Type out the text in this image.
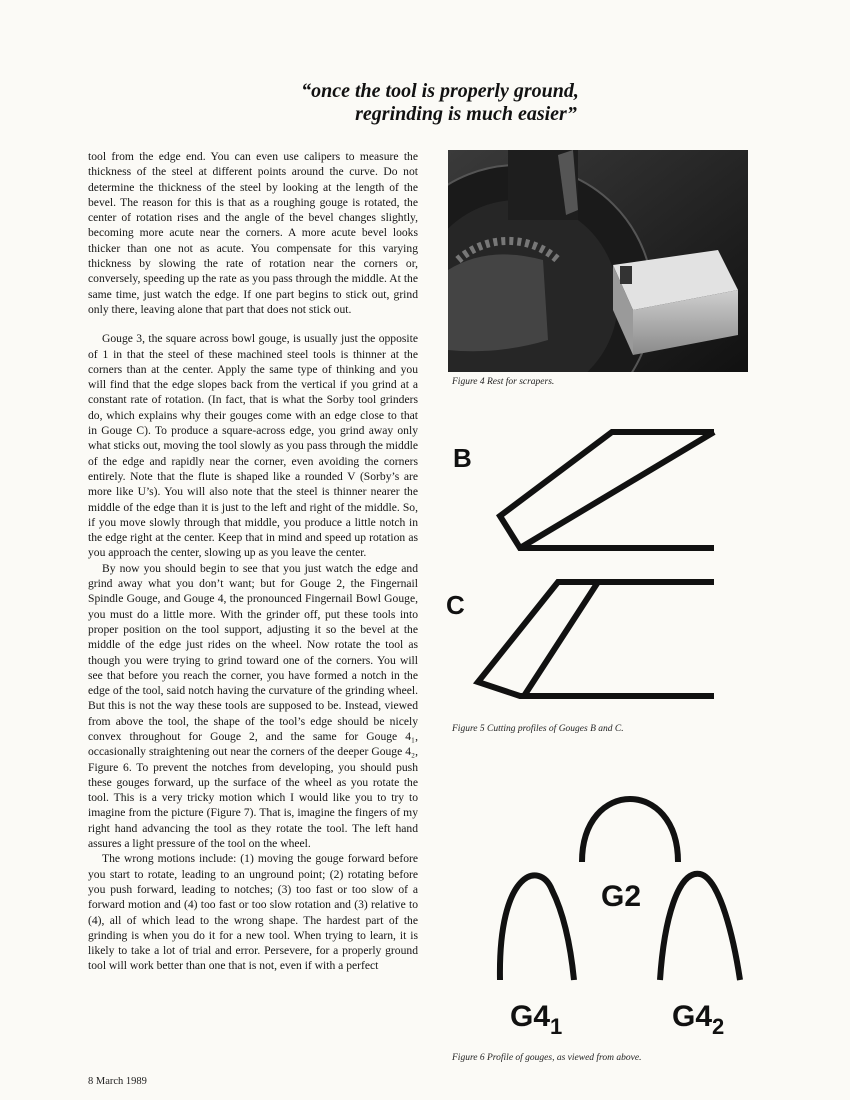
“once the tool is properly ground,
regrinding is much easier”

tool from the edge end. You can even use calipers to measure the thickness of the steel at different points around the curve. Do not determine the thickness of the steel by looking at the length of the bevel. The reason for this is that as a roughing gouge is rotated, the center of rotation rises and the angle of the bevel changes slightly, becoming more acute near the corners. A more acute bevel looks thicker than one not as acute. You compensate for this varying thickness by slowing the rate of rotation near the corners or, conversely, speeding up the rate as you pass through the middle. At the same time, just watch the edge. If one part begins to stick out, grind only there, leaving alone that part that does not stick out.

Gouge 3, the square across bowl gouge, is usually just the opposite of 1 in that the steel of these machined steel tools is thinner at the corners than at the center. Apply the same type of thinking and you will find that the edge slopes back from the vertical if you grind at a constant rate of rotation. (In fact, that is what the Sorby tool grinders do, which explains why their gouges come with an edge close to that in Gouge C). To produce a square-across edge, you grind away only what sticks out, moving the tool slowly as you pass through the middle of the edge and rapidly near the corner, even avoiding the corners entirely. Note that the flute is shaped like a rounded V (Sorby’s are more like U’s). You will also note that the steel is thinner nearer the middle of the edge than it is just to the left and right of the middle. So, if you move slowly through that middle, you produce a little notch in the edge right at the center. Keep that in mind and speed up rotation as you approach the center, slowing up as you leave the center.

By now you should begin to see that you just watch the edge and grind away what you don’t want; but for Gouge 2, the Fingernail Spindle Gouge, and Gouge 4, the pronounced Fingernail Bowl Gouge, you must do a little more. With the grinder off, put these tools into proper position on the tool support, adjusting it so the bevel at the middle of the edge just rides on the wheel. Now rotate the tool as though you were trying to grind toward one of the corners. You will see that before you reach the corner, you have formed a notch in the edge of the tool, said notch having the curvature of the grinding wheel. But this is not the way these tools are supposed to be. Instead, viewed from above the tool, the shape of the tool’s edge should be nicely convex throughout for Gouge 2, and the same for Gouge 4₁, occasionally straightening out near the corners of the deeper Gouge 4₂, Figure 6. To prevent the notches from developing, you should push these gouges forward, up the surface of the wheel as you rotate the tool. This is a very tricky motion which I would like you to try to imagine from the picture (Figure 7). That is, imagine the fingers of my right hand advancing the tool as they rotate the tool. The left hand assures a light pressure of the tool on the wheel.

The wrong motions include: (1) moving the gouge forward before you start to rotate, leading to an unground point; (2) rotating before you push forward, leading to notches; (3) too fast or too slow of a forward motion and (4) too fast or too slow rotation and (3) relative to (4), all of which lead to the wrong shape. The hardest part of the grinding is when you do it for a new tool. When trying to learn, it is likely to take a lot of trial and error. Persevere, for a properly ground tool will work better than one that is not, even if with a perfect

Figure 4 Rest for scrapers.
B
C
Figure 5 Cutting profiles of Gouges B and C.
G2
$G4_1$	$G4_2$
Figure 6 Profile of gouges, as viewed from above.
8 March 1989
